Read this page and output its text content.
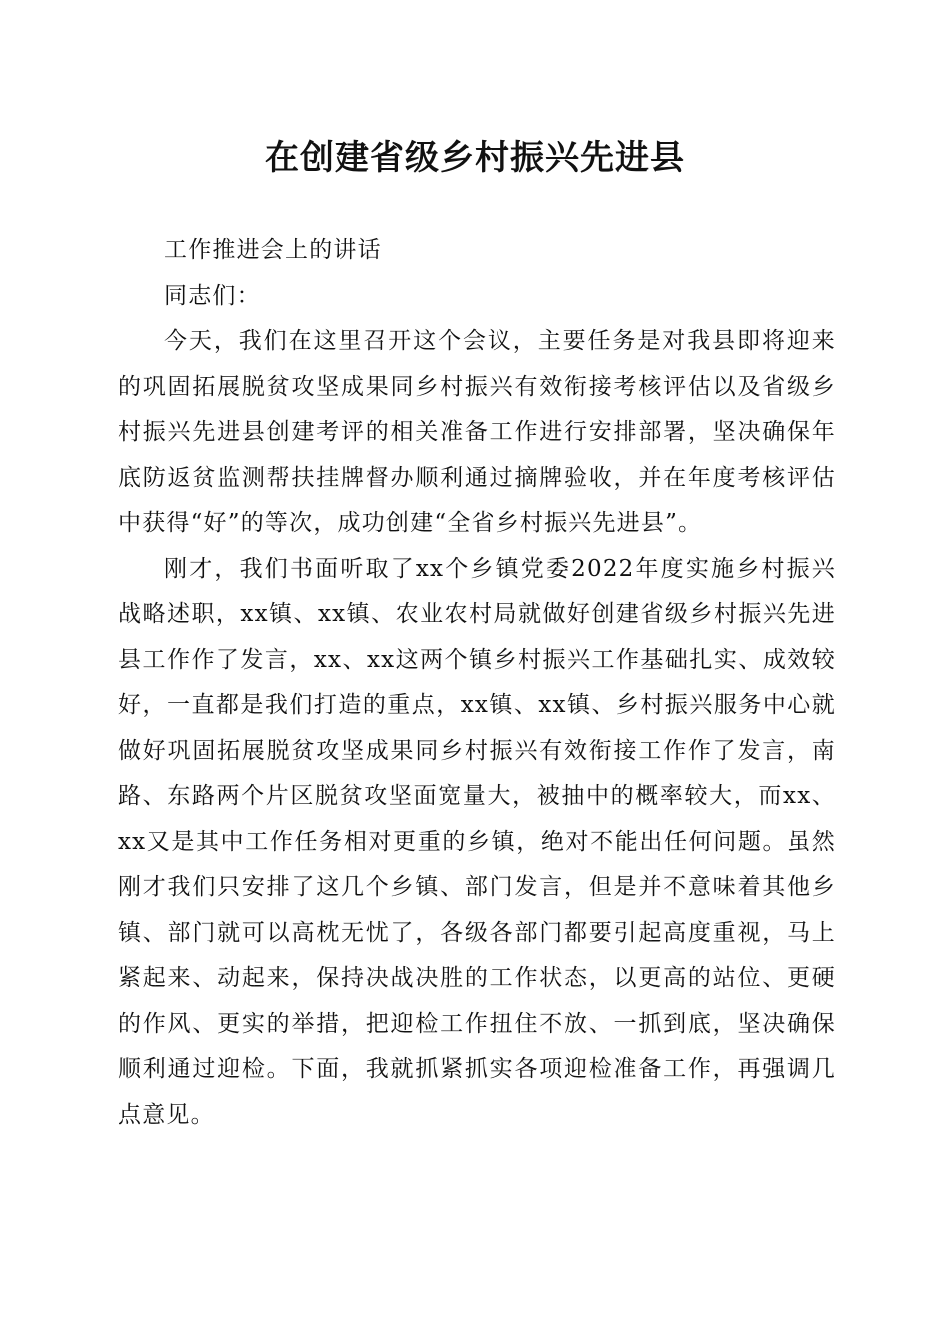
在创建省级乡村振兴先进县

工作推进会上的讲话

同志们：

今天，我们在这里召开这个会议，主要任务是对我县即将迎来的巩固拓展脱贫攻坚成果同乡村振兴有效衔接考核评估以及省级乡村振兴先进县创建考评的相关准备工作进行安排部署，坚决确保年底防返贫监测帮扶挂牌督办顺利通过摘牌验收，并在年度考核评估中获得“好”的等次，成功创建“全省乡村振兴先进县”。

刚才，我们书面听取了xx个乡镇党委2022年度实施乡村振兴战略述职，xx镇、xx镇、农业农村局就做好创建省级乡村振兴先进县工作作了发言，xx、xx这两个镇乡村振兴工作基础扎实、成效较好，一直都是我们打造的重点，xx镇、xx镇、乡村振兴服务中心就做好巩固拓展脱贫攻坚成果同乡村振兴有效衔接工作作了发言，南路、东路两个片区脱贫攻坚面宽量大，被抽中的概率较大，而xx、xx又是其中工作任务相对更重的乡镇，绝对不能出任何问题。虽然刚才我们只安排了这几个乡镇、部门发言，但是并不意味着其他乡镇、部门就可以高枕无忧了，各级各部门都要引起高度重视，马上紧起来、动起来，保持决战决胜的工作状态，以更高的站位、更硬的作风、更实的举措，把迎检工作扭住不放、一抓到底，坚决确保顺利通过迎检。下面，我就抓紧抓实各项迎检准备工作，再强调几点意见。
